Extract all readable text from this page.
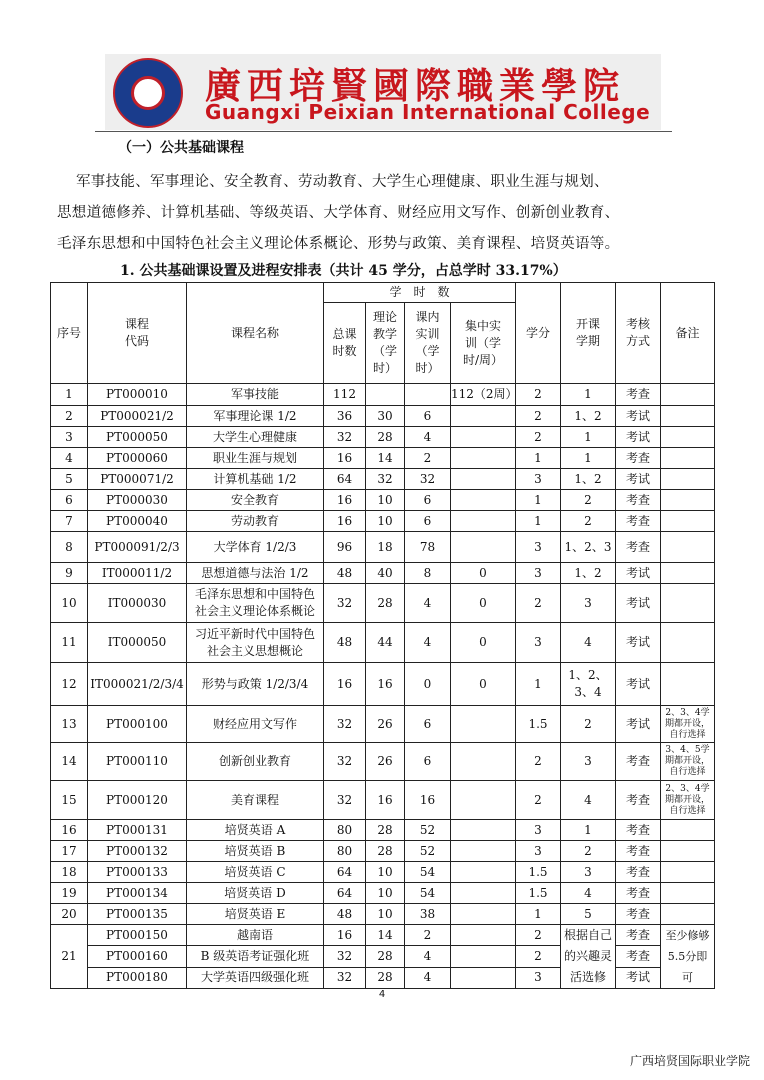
廣西培賢國際職業學院
Guangxi Peixian International College
（一）公共基础课程
军事技能、军事理论、安全教育、劳动教育、大学生心理健康、职业生涯与规划、
思想道德修养、计算机基础、等级英语、大学体育、财经应用文写作、创新创业教育、
毛泽东思想和中国特色社会主义理论体系概论、形势与政策、美育课程、培贤英语等。
1. 公共基础课设置及进程安排表（共计 45 学分，占总学时 33.17%）
序号	课程代码	课程名称	学　时　数				学分	开课学期	考核方式	备注
			总课时数	理论教学（学时）	课内实训（学时）	集中实训（学时/周）				
1	PT000010	军事技能	112			112（2周）	2	1	考查	
2	PT000021/2	军事理论课 1/2	36	30	6		2	1、2	考试	
3	PT000050	大学生心理健康	32	28	4		2	1	考试	
4	PT000060	职业生涯与规划	16	14	2		1	1	考查	
5	PT000071/2	计算机基础 1/2	64	32	32		3	1、2	考试	
6	PT000030	安全教育	16	10	6		1	2	考查	
7	PT000040	劳动教育	16	10	6		1	2	考查	
8	PT000091/2/3	大学体育 1/2/3	96	18	78		3	1、2、3	考查	
9	IT000011/2	思想道德与法治 1/2	48	40	8	0	3	1、2	考试	
10	IT000030	毛泽东思想和中国特色社会主义理论体系概论	32	28	4	0	2	3	考试	
11	IT000050	习近平新时代中国特色社会主义思想概论	48	44	4	0	3	4	考试	
12	IT000021/2/3/4	形势与政策 1/2/3/4	16	16	0	0	1	1、2、3、4	考试	
13	PT000100	财经应用文写作	32	26	6		1.5	2	考试	2、3、4学期都开设，自行选择
14	PT000110	创新创业教育	32	26	6		2	3	考查	3、4、5学期都开设，自行选择
15	PT000120	美育课程	32	16	16		2	4	考查	2、3、4学期都开设，自行选择
16	PT000131	培贤英语 A	80	28	52		3	1	考查	
17	PT000132	培贤英语 B	80	28	52		3	2	考查	
18	PT000133	培贤英语 C	64	10	54		1.5	3	考查	
19	PT000134	培贤英语 D	64	10	54		1.5	4	考查	
20	PT000135	培贤英语 E	48	10	38		1	5	考查	
21	PT000150	越南语	16	14	2		2	根据自己的兴趣灵活选修	考查	至少修够5.5分即可
	PT000160	B 级英语考证强化班	32	28	4		2		考查	
	PT000180	大学英语四级强化班	32	28	4		3		考试	
4
广西培贤国际职业学院
